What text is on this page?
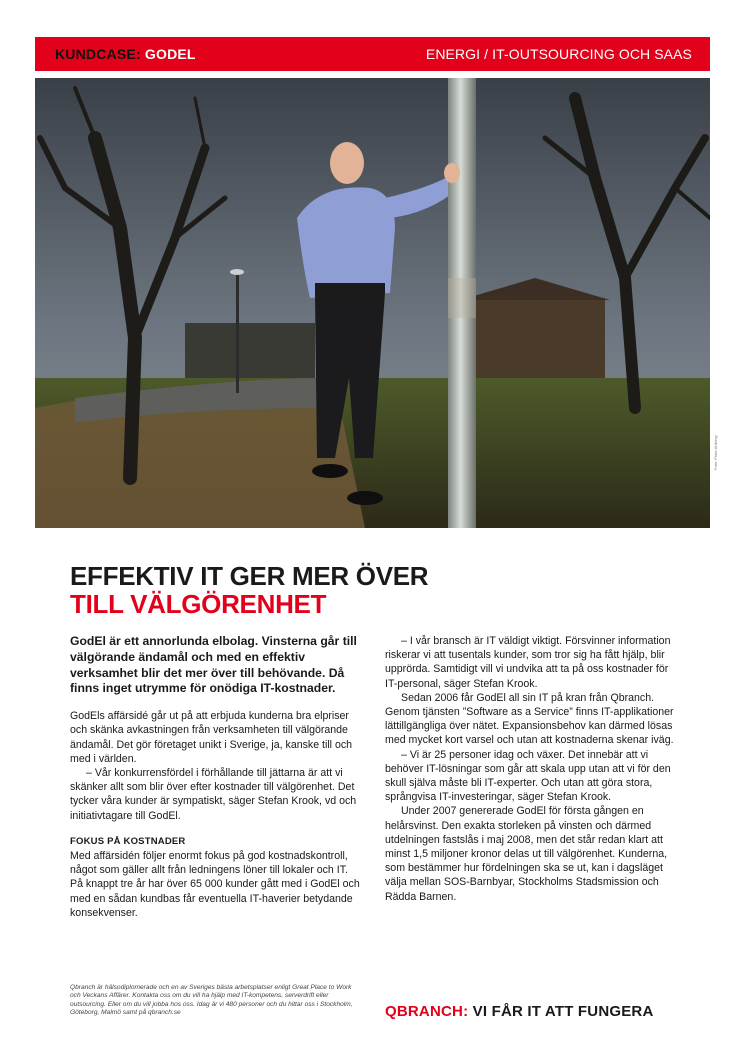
KUNDCASE: GODEL	ENERGI / IT-OUTSOURCING OCH SAAS
Foto: Peter Ahlberg
EFFEKTIV IT GER MER ÖVER
TILL VÄLGÖRENHET

GodEl är ett annorlunda elbolag. Vinsterna går till välgörande ändamål och med en effektiv verksamhet blir det mer över till behövande. Då finns inget utrymme för onödiga IT-kostnader.

GodEls affärsidé går ut på att erbjuda kunderna bra elpriser och skänka avkastningen från verksamheten till välgörande ändamål. Det gör företaget unikt i Sverige, ja, kanske till och med i världen.

– Vår konkurrensfördel i förhållande till jättarna är att vi skänker allt som blir över efter kostnader till välgörenhet. Det tycker våra kunder är sympatiskt, säger Stefan Krook, vd och initiativtagare till GodEl.

FOKUS PÅ KOSTNADER

Med affärsidén följer enormt fokus på god kostnadskontroll, något som gäller allt från ledningens löner till lokaler och IT. På knappt tre år har över 65 000 kunder gått med i GodEl och med en sådan kundbas får eventuella IT-haverier betydande konsekvenser.

– I vår bransch är IT väldigt viktigt. Försvinner information riskerar vi att tusentals kunder, som tror sig ha fått hjälp, blir upprörda. Samtidigt vill vi undvika att ta på oss kostnader för IT-personal, säger Stefan Krook.

Sedan 2006 får GodEl all sin IT på kran från Qbranch. Genom tjänsten ”Software as a Service” finns IT-applikationer lättillgängliga över nätet. Expansionsbehov kan därmed lösas med mycket kort varsel och utan att kostnaderna skenar iväg.

– Vi är 25 personer idag och växer. Det innebär att vi behöver IT-lösningar som går att skala upp utan att vi för den skull själva måste bli IT-experter. Och utan att göra stora, språngvisa IT-investeringar, säger Stefan Krook.

Under 2007 genererade GodEl för första gången en helårsvinst. Den exakta storleken på vinsten och därmed utdelningen fastslås i maj 2008, men det står redan klart att minst 1,5 miljoner kronor delas ut till välgörenhet. Kunderna, som bestämmer hur fördelningen ska se ut, kan i dagsläget välja mellan SOS-Barnbyar, Stockholms Stadsmission och Rädda Barnen.

Qbranch är hälsodiplomerade och en av Sveriges bästa arbetsplatser enligt Great Place to Work och Veckans Affärer. Kontakta oss om du vill ha hjälp med IT-kompetens, serverdrift eller outsourcing. Eller om du vill jobba hos oss. Idag är vi 480 personer och du hittar oss i Stockholm, Göteborg, Malmö samt på qbranch.se	QBRANCH: VI FÅR IT ATT FUNGERA
